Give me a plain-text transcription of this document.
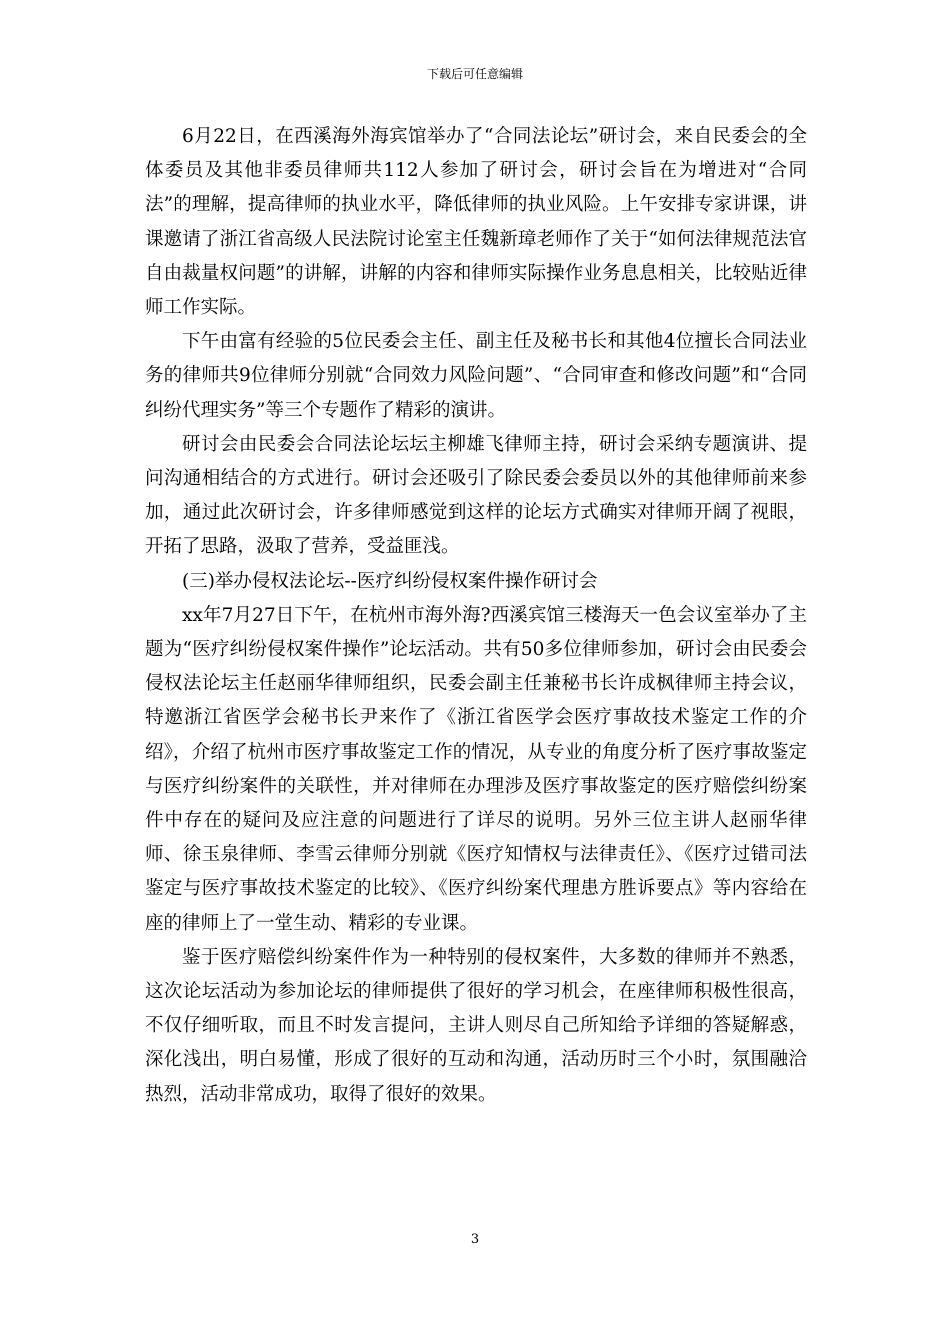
下载后可任意编辑

6月22日，在西溪海外海宾馆举办了“合同法论坛”研讨会，来自民委会的全体委员及其他非委员律师共112人参加了研讨会，研讨会旨在为增进对“合同法”的理解，提高律师的执业水平，降低律师的执业风险。上午安排专家讲课，讲课邀请了浙江省高级人民法院讨论室主任魏新璋老师作了关于“如何法律规范法官自由裁量权问题”的讲解，讲解的内容和律师实际操作业务息息相关，比较贴近律师工作实际。

下午由富有经验的5位民委会主任、副主任及秘书长和其他4位擅长合同法业务的律师共9位律师分别就“合同效力风险问题”、“合同审查和修改问题”和“合同纠纷代理实务”等三个专题作了精彩的演讲。

研讨会由民委会合同法论坛坛主柳雄飞律师主持，研讨会采纳专题演讲、提问沟通相结合的方式进行。研讨会还吸引了除民委会委员以外的其他律师前来参加，通过此次研讨会，许多律师感觉到这样的论坛方式确实对律师开阔了视眼，开拓了思路，汲取了营养，受益匪浅。

(三)举办侵权法论坛--医疗纠纷侵权案件操作研讨会

xx年7月27日下午，在杭州市海外海?西溪宾馆三楼海天一色会议室举办了主题为“医疗纠纷侵权案件操作”论坛活动。共有50多位律师参加，研讨会由民委会侵权法论坛主任赵丽华律师组织，民委会副主任兼秘书长许成枫律师主持会议，特邀浙江省医学会秘书长尹来作了《浙江省医学会医疗事故技术鉴定工作的介绍》，介绍了杭州市医疗事故鉴定工作的情况，从专业的角度分析了医疗事故鉴定与医疗纠纷案件的关联性，并对律师在办理涉及医疗事故鉴定的医疗赔偿纠纷案件中存在的疑问及应注意的问题进行了详尽的说明。另外三位主讲人赵丽华律师、徐玉泉律师、李雪云律师分别就《医疗知情权与法律责任》、《医疗过错司法鉴定与医疗事故技术鉴定的比较》、《医疗纠纷案代理患方胜诉要点》等内容给在座的律师上了一堂生动、精彩的专业课。

鉴于医疗赔偿纠纷案件作为一种特别的侵权案件，大多数的律师并不熟悉，这次论坛活动为参加论坛的律师提供了很好的学习机会，在座律师积极性很高，不仅仔细听取，而且不时发言提问，主讲人则尽自己所知给予详细的答疑解惑，深化浅出，明白易懂，形成了很好的互动和沟通，活动历时三个小时，氛围融洽热烈，活动非常成功，取得了很好的效果。

3
